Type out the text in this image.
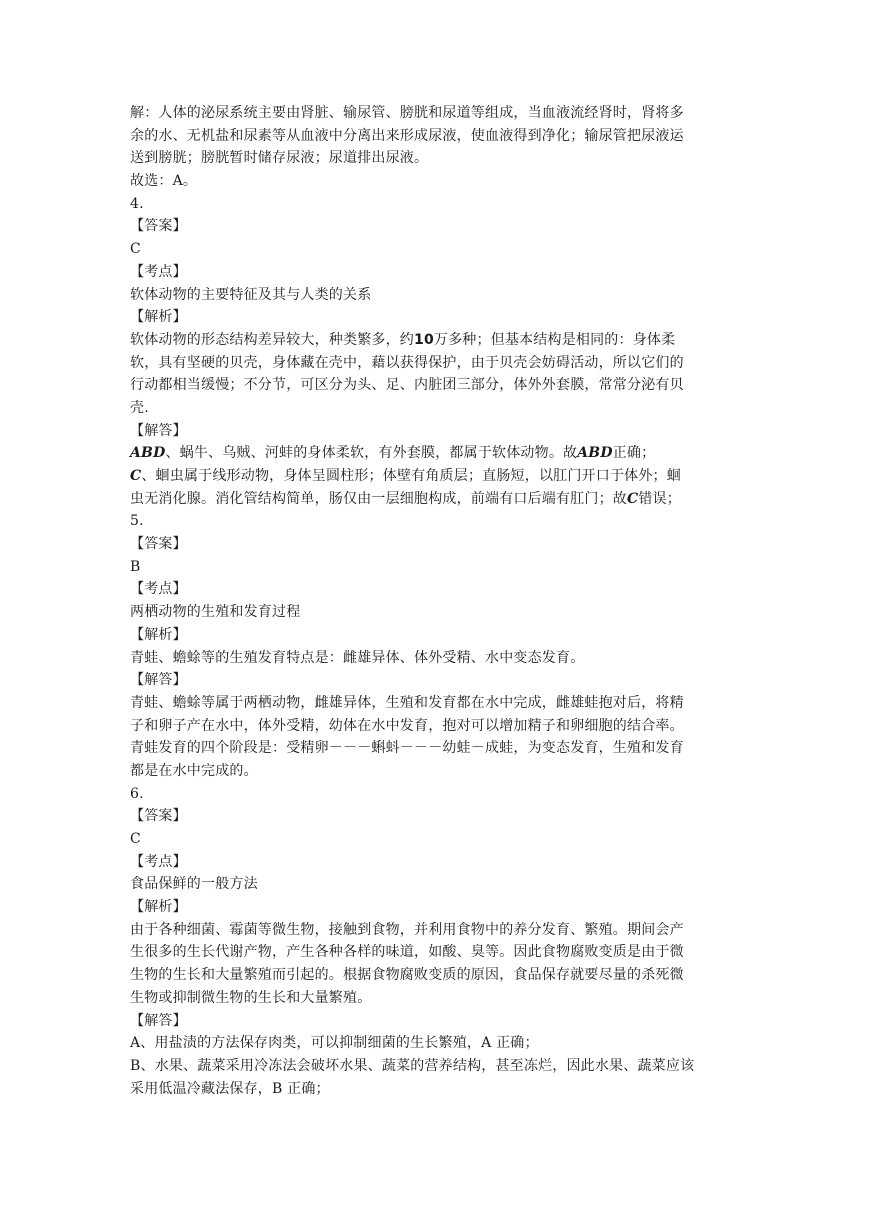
解：人体的泌尿系统主要由肾脏、输尿管、膀胱和尿道等组成，当血液流经肾时，肾将多
余的水、无机盐和尿素等从血液中分离出来形成尿液，使血液得到净化；输尿管把尿液运
送到膀胱；膀胱暂时储存尿液；尿道排出尿液。
故选：A。
4.
【答案】
C
【考点】
软体动物的主要特征及其与人类的关系
【解析】
软体动物的形态结构差异较大，种类繁多，约10万多种；但基本结构是相同的：身体柔
软，具有坚硬的贝壳，身体藏在壳中，藉以获得保护，由于贝壳会妨碍活动，所以它们的
行动都相当缓慢；不分节，可区分为头、足、内脏团三部分，体外外套膜，常常分泌有贝
壳.
【解答】
ABD、蜗牛、乌贼、河蚌的身体柔软，有外套膜，都属于软体动物。故ABD正确；
C、蛔虫属于线形动物，身体呈圆柱形；体壁有角质层；直肠短，以肛门开口于体外；蛔
虫无消化腺。消化管结构简单，肠仅由一层细胞构成，前端有口后端有肛门；故C错误；
5.
【答案】
B
【考点】
两栖动物的生殖和发育过程
【解析】
青蛙、蟾蜍等的生殖发育特点是：雌雄异体、体外受精、水中变态发育。
【解答】
青蛙、蟾蜍等属于两栖动物，雌雄异体，生殖和发育都在水中完成，雌雄蛙抱对后，将精
子和卵子产在水中，体外受精，幼体在水中发育，抱对可以增加精子和卵细胞的结合率。
青蛙发育的四个阶段是：受精卵－－－蝌蚪－－－幼蛙－成蛙，为变态发育，生殖和发育
都是在水中完成的。
6.
【答案】
C
【考点】
食品保鲜的一般方法
【解析】
由于各种细菌、霉菌等微生物，接触到食物，并利用食物中的养分发育、繁殖。期间会产
生很多的生长代谢产物，产生各种各样的味道，如酸、臭等。因此食物腐败变质是由于微
生物的生长和大量繁殖而引起的。根据食物腐败变质的原因，食品保存就要尽量的杀死微
生物或抑制微生物的生长和大量繁殖。
【解答】
A、用盐渍的方法保存肉类，可以抑制细菌的生长繁殖，A 正确；
B、水果、蔬菜采用冷冻法会破坏水果、蔬菜的营养结构，甚至冻烂，因此水果、蔬菜应该
采用低温冷藏法保存，B 正确；
